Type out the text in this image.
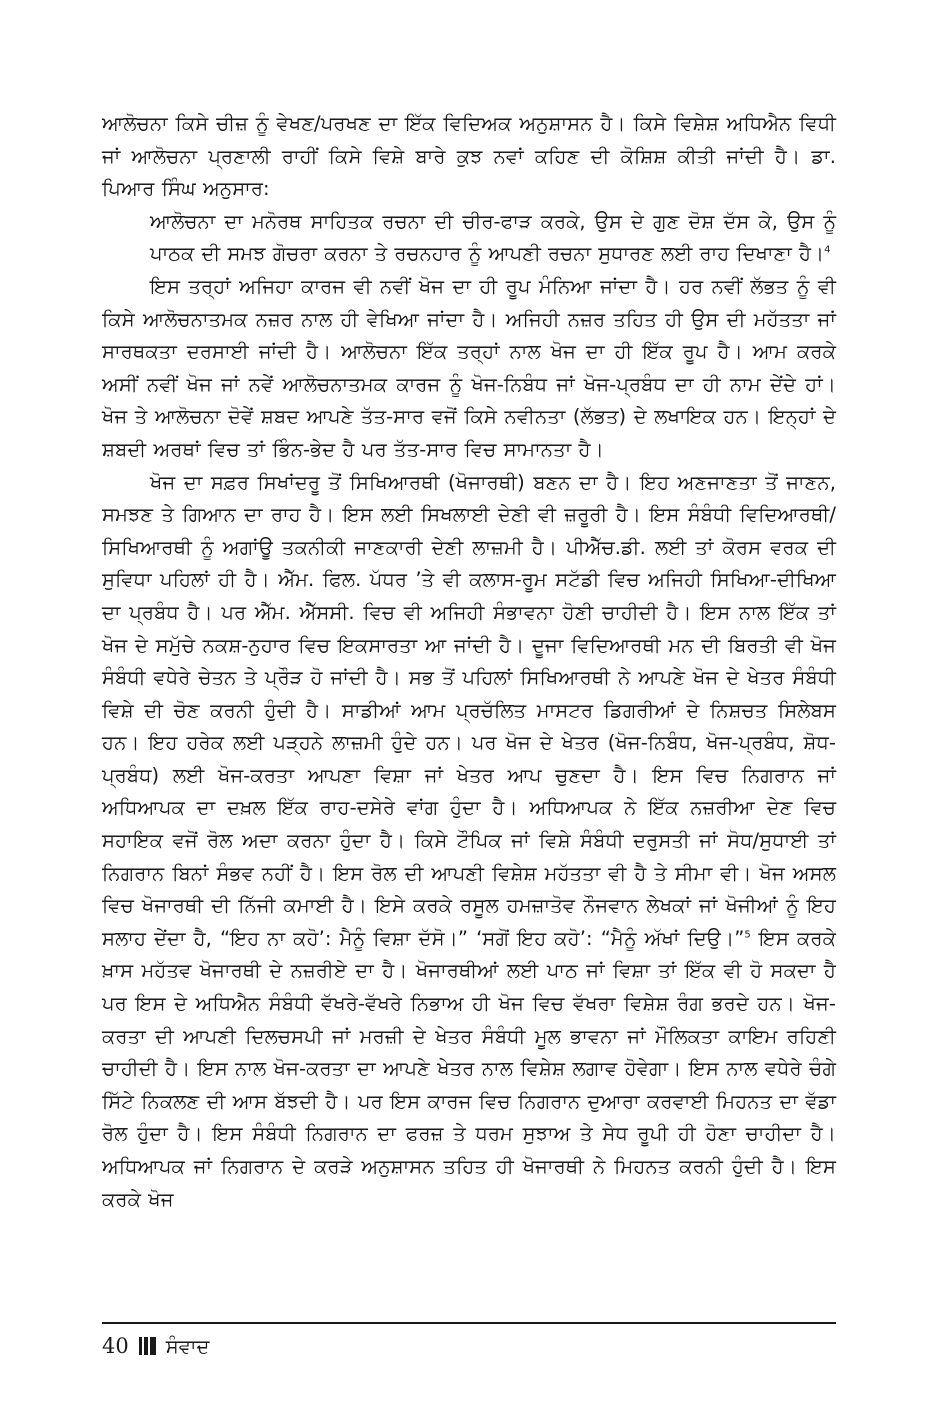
ਆਲੋਚਨਾ ਕਿਸੇ ਚੀਜ਼ ਨੂੰ ਵੇਖਣ/ਪਰਖਣ ਦਾ ਇੱਕ ਵਿਦਿਅਕ ਅਨੁਸ਼ਾਸਨ ਹੈ। ਕਿਸੇ ਵਿਸ਼ੇਸ਼ ਅਧਿਐਨ ਵਿਧੀ ਜਾਂ ਆਲੋਚਨਾ ਪ੍ਰਣਾਲੀ ਰਾਹੀਂ ਕਿਸੇ ਵਿਸ਼ੇ ਬਾਰੇ ਕੁਝ ਨਵਾਂ ਕਹਿਣ ਦੀ ਕੋਸ਼ਿਸ਼ ਕੀਤੀ ਜਾਂਦੀ ਹੈ। ਡਾ. ਪਿਆਰ ਸਿੰਘ ਅਨੁਸਾਰ:

ਆਲੋਚਨਾ ਦਾ ਮਨੋਰਥ ਸਾਹਿਤਕ ਰਚਨਾ ਦੀ ਚੀਰ-ਫਾੜ ਕਰਕੇ, ਉਸ ਦੇ ਗੁਣ ਦੋਸ਼ ਦੱਸ ਕੇ, ਉਸ ਨੂੰ ਪਾਠਕ ਦੀ ਸਮਝ ਗੋਚਰਾ ਕਰਨਾ ਤੇ ਰਚਨਹਾਰ ਨੂੰ ਆਪਣੀ ਰਚਨਾ ਸੁਧਾਰਣ ਲਈ ਰਾਹ ਦਿਖਾਣਾ ਹੈ।$^4$

ਇਸ ਤਰ੍ਹਾਂ ਅਜਿਹਾ ਕਾਰਜ ਵੀ ਨਵੀਂ ਖੋਜ ਦਾ ਹੀ ਰੂਪ ਮੰਨਿਆ ਜਾਂਦਾ ਹੈ। ਹਰ ਨਵੀਂ ਲੱਭਤ ਨੂੰ ਵੀ ਕਿਸੇ ਆਲੋਚਨਾਤਮਕ ਨਜ਼ਰ ਨਾਲ ਹੀ ਵੇਖਿਆ ਜਾਂਦਾ ਹੈ। ਅਜਿਹੀ ਨਜ਼ਰ ਤਹਿਤ ਹੀ ਉਸ ਦੀ ਮਹੱਤਤਾ ਜਾਂ ਸਾਰਥਕਤਾ ਦਰਸਾਈ ਜਾਂਦੀ ਹੈ। ਆਲੋਚਨਾ ਇੱਕ ਤਰ੍ਹਾਂ ਨਾਲ ਖੋਜ ਦਾ ਹੀ ਇੱਕ ਰੂਪ ਹੈ। ਆਮ ਕਰਕੇ ਅਸੀਂ ਨਵੀਂ ਖੋਜ ਜਾਂ ਨਵੇਂ ਆਲੋਚਨਾਤਮਕ ਕਾਰਜ ਨੂੰ ਖੋਜ-ਨਿਬੰਧ ਜਾਂ ਖੋਜ-ਪ੍ਰਬੰਧ ਦਾ ਹੀ ਨਾਮ ਦੇਂਦੇ ਹਾਂ। ਖੋਜ ਤੇ ਆਲੋਚਨਾ ਦੋਵੇਂ ਸ਼ਬਦ ਆਪਣੇ ਤੱਤ-ਸਾਰ ਵਜੋਂ ਕਿਸੇ ਨਵੀਨਤਾ (ਲੱਭਤ) ਦੇ ਲਖਾਇਕ ਹਨ। ਇਨ੍ਹਾਂ ਦੇ ਸ਼ਬਦੀ ਅਰਥਾਂ ਵਿਚ ਤਾਂ ਭਿੰਨ-ਭੇਦ ਹੈ ਪਰ ਤੱਤ-ਸਾਰ ਵਿਚ ਸਾਮਾਨਤਾ ਹੈ।

ਖੋਜ ਦਾ ਸਫ਼ਰ ਸਿਖਾਂਦਰੂ ਤੋਂ ਸਿਖਿਆਰਥੀ (ਖੋਜਾਰਥੀ) ਬਣਨ ਦਾ ਹੈ। ਇਹ ਅਣਜਾਣਤਾ ਤੋਂ ਜਾਣਨ, ਸਮਝਣ ਤੇ ਗਿਆਨ ਦਾ ਰਾਹ ਹੈ। ਇਸ ਲਈ ਸਿਖਲਾਈ ਦੇਣੀ ਵੀ ਜ਼ਰੂਰੀ ਹੈ। ਇਸ ਸੰਬੰਧੀ ਵਿਦਿਆਰਥੀ/ਸਿਖਿਆਰਥੀ ਨੂੰ ਅਗਾਂਊ ਤਕਨੀਕੀ ਜਾਣਕਾਰੀ ਦੇਣੀ ਲਾਜ਼ਮੀ ਹੈ। ਪੀਐੱਚ.ਡੀ. ਲਈ ਤਾਂ ਕੋਰਸ ਵਰਕ ਦੀ ਸੁਵਿਧਾ ਪਹਿਲਾਂ ਹੀ ਹੈ। ਐੱਮ. ਫਿਲ. ਪੱਧਰ ’ਤੇ ਵੀ ਕਲਾਸ-ਰੂਮ ਸਟੱਡੀ ਵਿਚ ਅਜਿਹੀ ਸਿਖਿਆ-ਦੀਖਿਆ ਦਾ ਪ੍ਰਬੰਧ ਹੈ। ਪਰ ਐੱਮ. ਐੱਸਸੀ. ਵਿਚ ਵੀ ਅਜਿਹੀ ਸੰਭਾਵਨਾ ਹੋਣੀ ਚਾਹੀਦੀ ਹੈ। ਇਸ ਨਾਲ ਇੱਕ ਤਾਂ ਖੋਜ ਦੇ ਸਮੁੱਚੇ ਨਕਸ਼-ਨੁਹਾਰ ਵਿਚ ਇਕਸਾਰਤਾ ਆ ਜਾਂਦੀ ਹੈ। ਦੂਜਾ ਵਿਦਿਆਰਥੀ ਮਨ ਦੀ ਬਿਰਤੀ ਵੀ ਖੋਜ ਸੰਬੰਧੀ ਵਧੇਰੇ ਚੇਤਨ ਤੇ ਪ੍ਰੌੜ ਹੋ ਜਾਂਦੀ ਹੈ। ਸਭ ਤੋਂ ਪਹਿਲਾਂ ਸਿਖਿਆਰਥੀ ਨੇ ਆਪਣੇ ਖੋਜ ਦੇ ਖੇਤਰ ਸੰਬੰਧੀ ਵਿਸ਼ੇ ਦੀ ਚੋਣ ਕਰਨੀ ਹੁੰਦੀ ਹੈ। ਸਾਡੀਆਂ ਆਮ ਪ੍ਰਚੱਲਿਤ ਮਾਸਟਰ ਡਿਗਰੀਆਂ ਦੇ ਨਿਸ਼ਚਤ ਸਿਲੇਬਸ ਹਨ। ਇਹ ਹਰੇਕ ਲਈ ਪੜ੍ਹਨੇ ਲਾਜ਼ਮੀ ਹੁੰਦੇ ਹਨ। ਪਰ ਖੋਜ ਦੇ ਖੇਤਰ (ਖੋਜ-ਨਿਬੰਧ, ਖੋਜ-ਪ੍ਰਬੰਧ, ਸ਼ੋਧ-ਪ੍ਰਬੰਧ) ਲਈ ਖੋਜ-ਕਰਤਾ ਆਪਣਾ ਵਿਸ਼ਾ ਜਾਂ ਖੇਤਰ ਆਪ ਚੁਣਦਾ ਹੈ। ਇਸ ਵਿਚ ਨਿਗਰਾਨ ਜਾਂ ਅਧਿਆਪਕ ਦਾ ਦਖ਼ਲ ਇੱਕ ਰਾਹ-ਦਸੇਰੇ ਵਾਂਗ ਹੁੰਦਾ ਹੈ। ਅਧਿਆਪਕ ਨੇ ਇੱਕ ਨਜ਼ਰੀਆ ਦੇਣ ਵਿਚ ਸਹਾਇਕ ਵਜੋਂ ਰੋਲ ਅਦਾ ਕਰਨਾ ਹੁੰਦਾ ਹੈ। ਕਿਸੇ ਟੌਪਿਕ ਜਾਂ ਵਿਸ਼ੇ ਸੰਬੰਧੀ ਦਰੁਸਤੀ ਜਾਂ ਸੋਧ/ਸੁਧਾਈ ਤਾਂ ਨਿਗਰਾਨ ਬਿਨਾਂ ਸੰਭਵ ਨਹੀਂ ਹੈ। ਇਸ ਰੋਲ ਦੀ ਆਪਣੀ ਵਿਸ਼ੇਸ਼ ਮਹੱਤਤਾ ਵੀ ਹੈ ਤੇ ਸੀਮਾ ਵੀ। ਖੋਜ ਅਸਲ ਵਿਚ ਖੋਜਾਰਥੀ ਦੀ ਨਿੱਜੀ ਕਮਾਈ ਹੈ। ਇਸੇ ਕਰਕੇ ਰਸੂਲ ਹਮਜ਼ਾਤੋਵ ਨੌਜਵਾਨ ਲੇਖਕਾਂ ਜਾਂ ਖੋਜੀਆਂ ਨੂੰ ਇਹ ਸਲਾਹ ਦੇਂਦਾ ਹੈ, “ਇਹ ਨਾ ਕਹੋ’: ਮੈਨੂੰ ਵਿਸ਼ਾ ਦੱਸੋ।” ‘ਸਗੋਂ ਇਹ ਕਹੋ’: “ਮੈਨੂੰ ਅੱਖਾਂ ਦਿਉ।”$^5$ ਇਸ ਕਰਕੇ ਖ਼ਾਸ ਮਹੱਤਵ ਖੋਜਾਰਥੀ ਦੇ ਨਜ਼ਰੀਏ ਦਾ ਹੈ। ਖੋਜਾਰਥੀਆਂ ਲਈ ਪਾਠ ਜਾਂ ਵਿਸ਼ਾ ਤਾਂ ਇੱਕ ਵੀ ਹੋ ਸਕਦਾ ਹੈ ਪਰ ਇਸ ਦੇ ਅਧਿਐਨ ਸੰਬੰਧੀ ਵੱਖਰੇ-ਵੱਖਰੇ ਨਿਭਾਅ ਹੀ ਖੋਜ ਵਿਚ ਵੱਖਰਾ ਵਿਸ਼ੇਸ਼ ਰੰਗ ਭਰਦੇ ਹਨ। ਖੋਜ-ਕਰਤਾ ਦੀ ਆਪਣੀ ਦਿਲਚਸਪੀ ਜਾਂ ਮਰਜ਼ੀ ਦੇ ਖੇਤਰ ਸੰਬੰਧੀ ਮੂਲ ਭਾਵਨਾ ਜਾਂ ਮੌਲਿਕਤਾ ਕਾਇਮ ਰਹਿਣੀ ਚਾਹੀਦੀ ਹੈ। ਇਸ ਨਾਲ ਖੋਜ-ਕਰਤਾ ਦਾ ਆਪਣੇ ਖੇਤਰ ਨਾਲ ਵਿਸ਼ੇਸ਼ ਲਗਾਵ ਹੋਵੇਗਾ। ਇਸ ਨਾਲ ਵਧੇਰੇ ਚੰਗੇ ਸਿੱਟੇ ਨਿਕਲਣ ਦੀ ਆਸ ਬੱਝਦੀ ਹੈ। ਪਰ ਇਸ ਕਾਰਜ ਵਿਚ ਨਿਗਰਾਨ ਦੁਆਰਾ ਕਰਵਾਈ ਮਿਹਨਤ ਦਾ ਵੱਡਾ ਰੋਲ ਹੁੰਦਾ ਹੈ। ਇਸ ਸੰਬੰਧੀ ਨਿਗਰਾਨ ਦਾ ਫਰਜ਼ ਤੇ ਧਰਮ ਸੁਝਾਅ ਤੇ ਸੇਧ ਰੂਪੀ ਹੀ ਹੋਣਾ ਚਾਹੀਦਾ ਹੈ। ਅਧਿਆਪਕ ਜਾਂ ਨਿਗਰਾਨ ਦੇ ਕਰੜੇ ਅਨੁਸ਼ਾਸਨ ਤਹਿਤ ਹੀ ਖੋਜਾਰਥੀ ਨੇ ਮਿਹਨਤ ਕਰਨੀ ਹੁੰਦੀ ਹੈ। ਇਸ ਕਰਕੇ ਖੋਜ

40 ਸੰਵਾਦ
